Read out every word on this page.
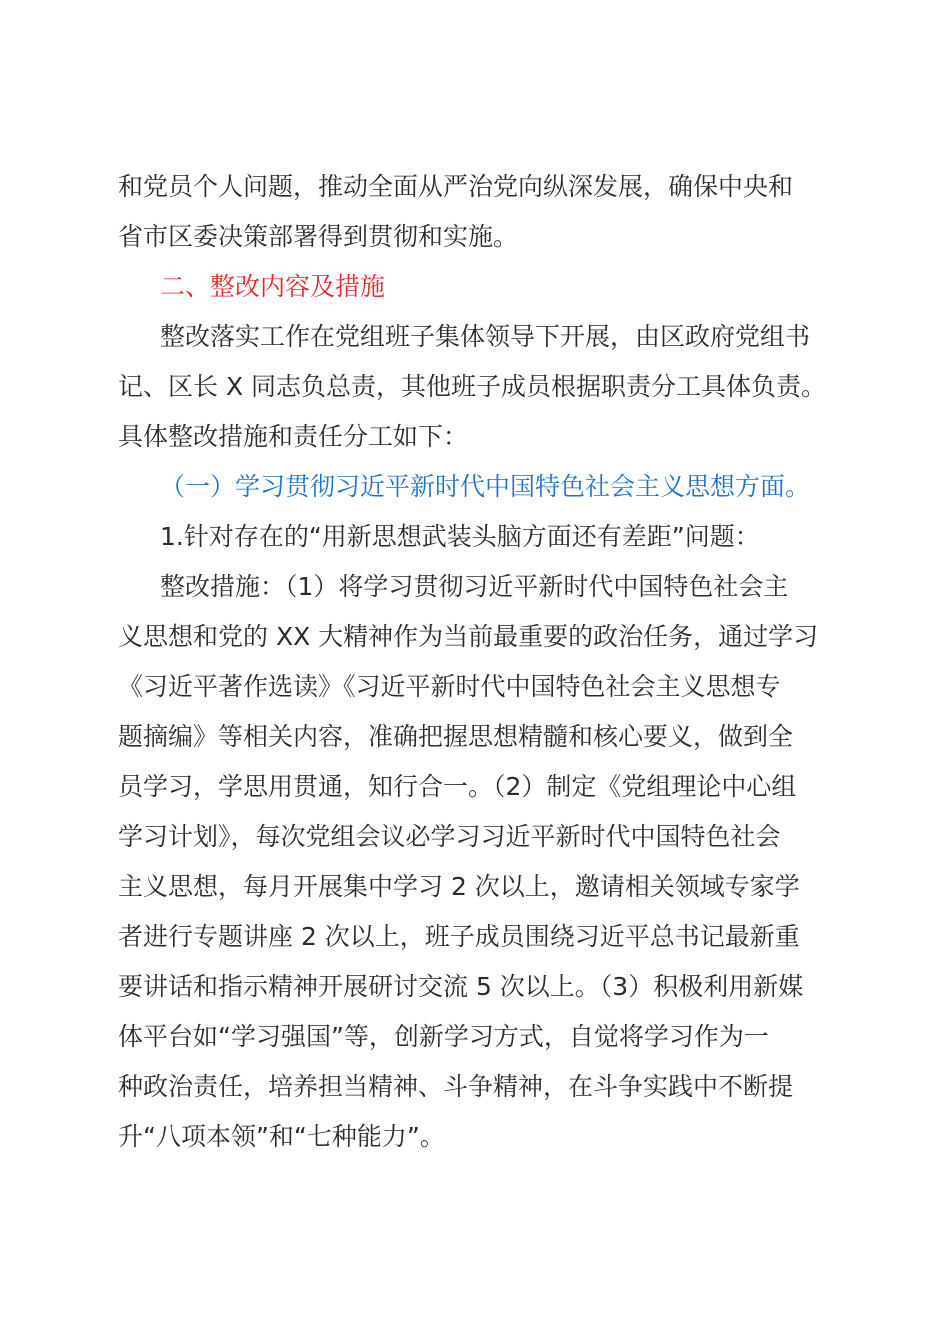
和党员个人问题，推动全面从严治党向纵深发展，确保中央和
省市区委决策部署得到贯彻和实施。
二、整改内容及措施
整改落实工作在党组班子集体领导下开展，由区政府党组书
记、区长 X 同志负总责，其他班子成员根据职责分工具体负责。
具体整改措施和责任分工如下：
（一）学习贯彻习近平新时代中国特色社会主义思想方面。
1.针对存在的“用新思想武装头脑方面还有差距”问题：
整改措施：（1）将学习贯彻习近平新时代中国特色社会主
义思想和党的 XX 大精神作为当前最重要的政治任务，通过学习
《习近平著作选读》《习近平新时代中国特色社会主义思想专
题摘编》等相关内容，准确把握思想精髓和核心要义，做到全
员学习，学思用贯通，知行合一。（2）制定《党组理论中心组
学习计划》，每次党组会议必学习习近平新时代中国特色社会
主义思想，每月开展集中学习 2 次以上，邀请相关领域专家学
者进行专题讲座 2 次以上，班子成员围绕习近平总书记最新重
要讲话和指示精神开展研讨交流 5 次以上。（3）积极利用新媒
体平台如“学习强国”等，创新学习方式，自觉将学习作为一
种政治责任，培养担当精神、斗争精神，在斗争实践中不断提
升“八项本领”和“七种能力”。
